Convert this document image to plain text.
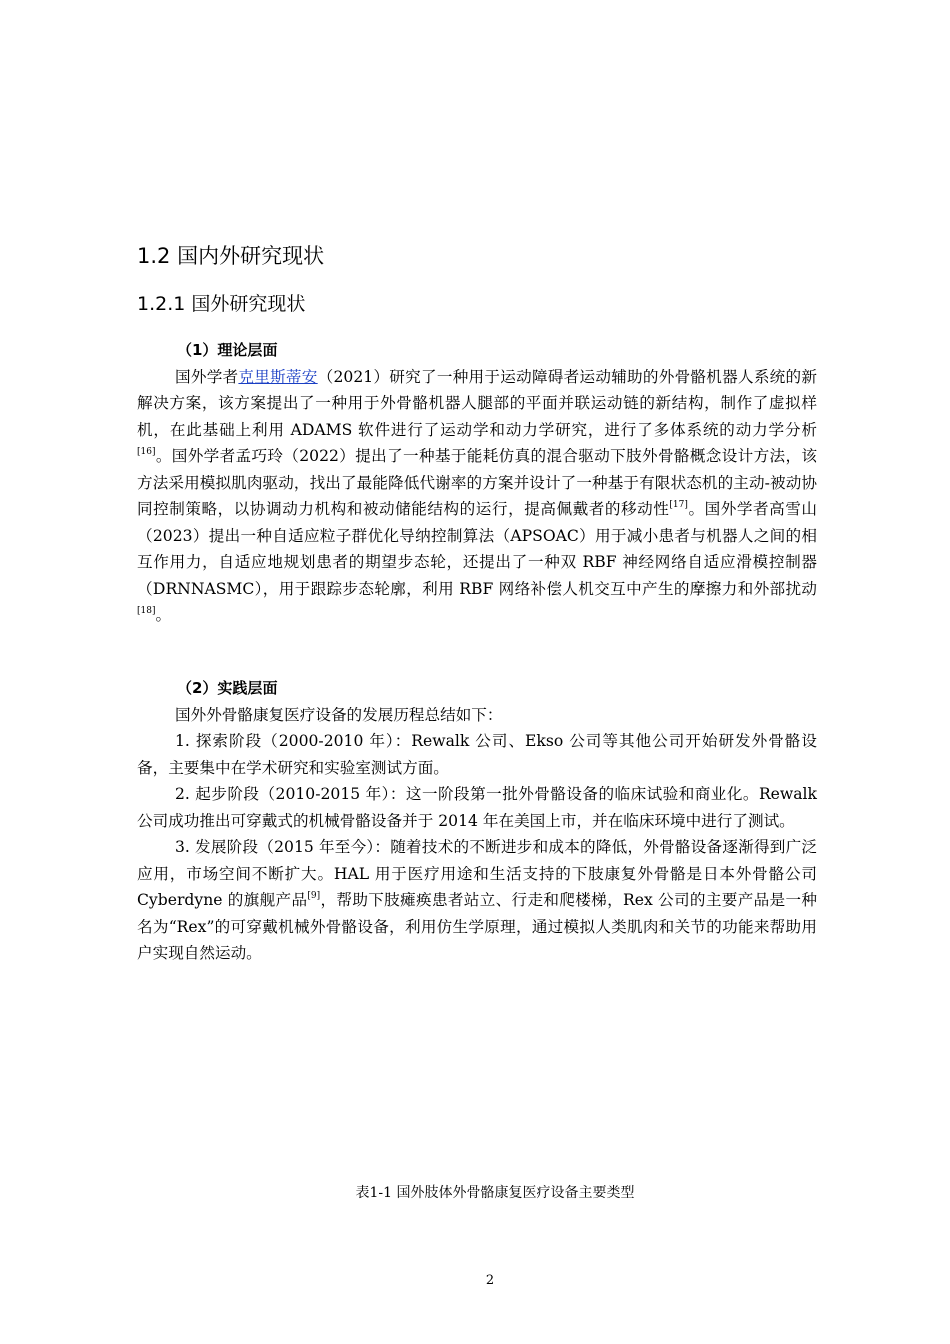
1.2 国内外研究现状
1.2.1 国外研究现状
（1）理论层面

国外学者克里斯蒂安（2021）研究了一种用于运动障碍者运动辅助的外骨骼机器人系统的新解决方案，该方案提出了一种用于外骨骼机器人腿部的平面并联运动链的新结构，制作了虚拟样机，在此基础上利用 ADAMS 软件进行了运动学和动力学研究，进行了多体系统的动力学分析[16]。国外学者孟巧玲（2022）提出了一种基于能耗仿真的混合驱动下肢外骨骼概念设计方法，该方法采用模拟肌肉驱动，找出了最能降低代谢率的方案并设计了一种基于有限状态机的主动-被动协同控制策略，以协调动力机构和被动储能结构的运行，提高佩戴者的移动性[17]。国外学者高雪山（2023）提出一种自适应粒子群优化导纳控制算法（APSOAC）用于减小患者与机器人之间的相互作用力，自适应地规划患者的期望步态轮，还提出了一种双 RBF 神经网络自适应滑模控制器（DRNNASMC），用于跟踪步态轮廓，利用 RBF 网络补偿人机交互中产生的摩擦力和外部扰动[18]。

（2）实践层面

国外外骨骼康复医疗设备的发展历程总结如下：

1. 探索阶段（2000-2010 年）：Rewalk 公司、Ekso 公司等其他公司开始研发外骨骼设备，主要集中在学术研究和实验室测试方面。

2. 起步阶段（2010-2015 年）：这一阶段第一批外骨骼设备的临床试验和商业化。Rewalk 公司成功推出可穿戴式的机械骨骼设备并于 2014 年在美国上市，并在临床环境中进行了测试。

3. 发展阶段（2015 年至今）：随着技术的不断进步和成本的降低，外骨骼设备逐渐得到广泛应用，市场空间不断扩大。HAL 用于医疗用途和生活支持的下肢康复外骨骼是日本外骨骼公司 Cyberdyne 的旗舰产品[9]，帮助下肢瘫痪患者站立、行走和爬楼梯，Rex 公司的主要产品是一种名为“Rex”的可穿戴机械外骨骼设备，利用仿生学原理，通过模拟人类肌肉和关节的功能来帮助用户实现自然运动。

表1-1 国外肢体外骨骼康复医疗设备主要类型
2
